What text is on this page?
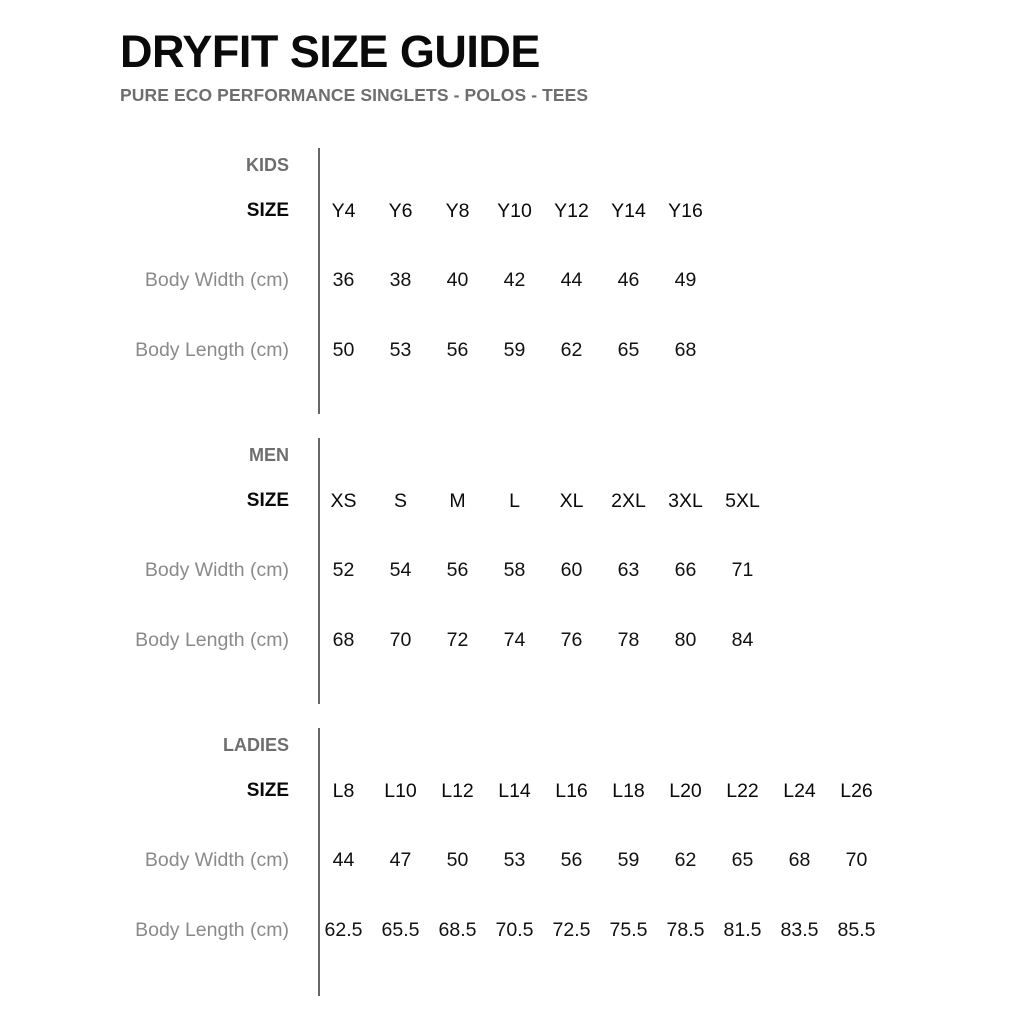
DRYFIT SIZE GUIDE
PURE ECO PERFORMANCE SINGLETS - POLOS - TEES
KIDS
SIZE	Y4	Y6	Y8	Y10	Y12	Y14	Y16
Body Width (cm)	36	38	40	42	44	46	49
Body Length (cm)	50	53	56	59	62	65	68
MEN
SIZE	XS	S	M	L	XL	2XL	3XL	5XL
Body Width (cm)	52	54	56	58	60	63	66	71
Body Length (cm)	68	70	72	74	76	78	80	84
LADIES
SIZE	L8	L10	L12	L14	L16	L18	L20	L22	L24	L26
Body Width (cm)	44	47	50	53	56	59	62	65	68	70
Body Length (cm)	62.5 65.5 68.5 70.5 72.5 75.5 78.5 81.5 83.5 85.5
